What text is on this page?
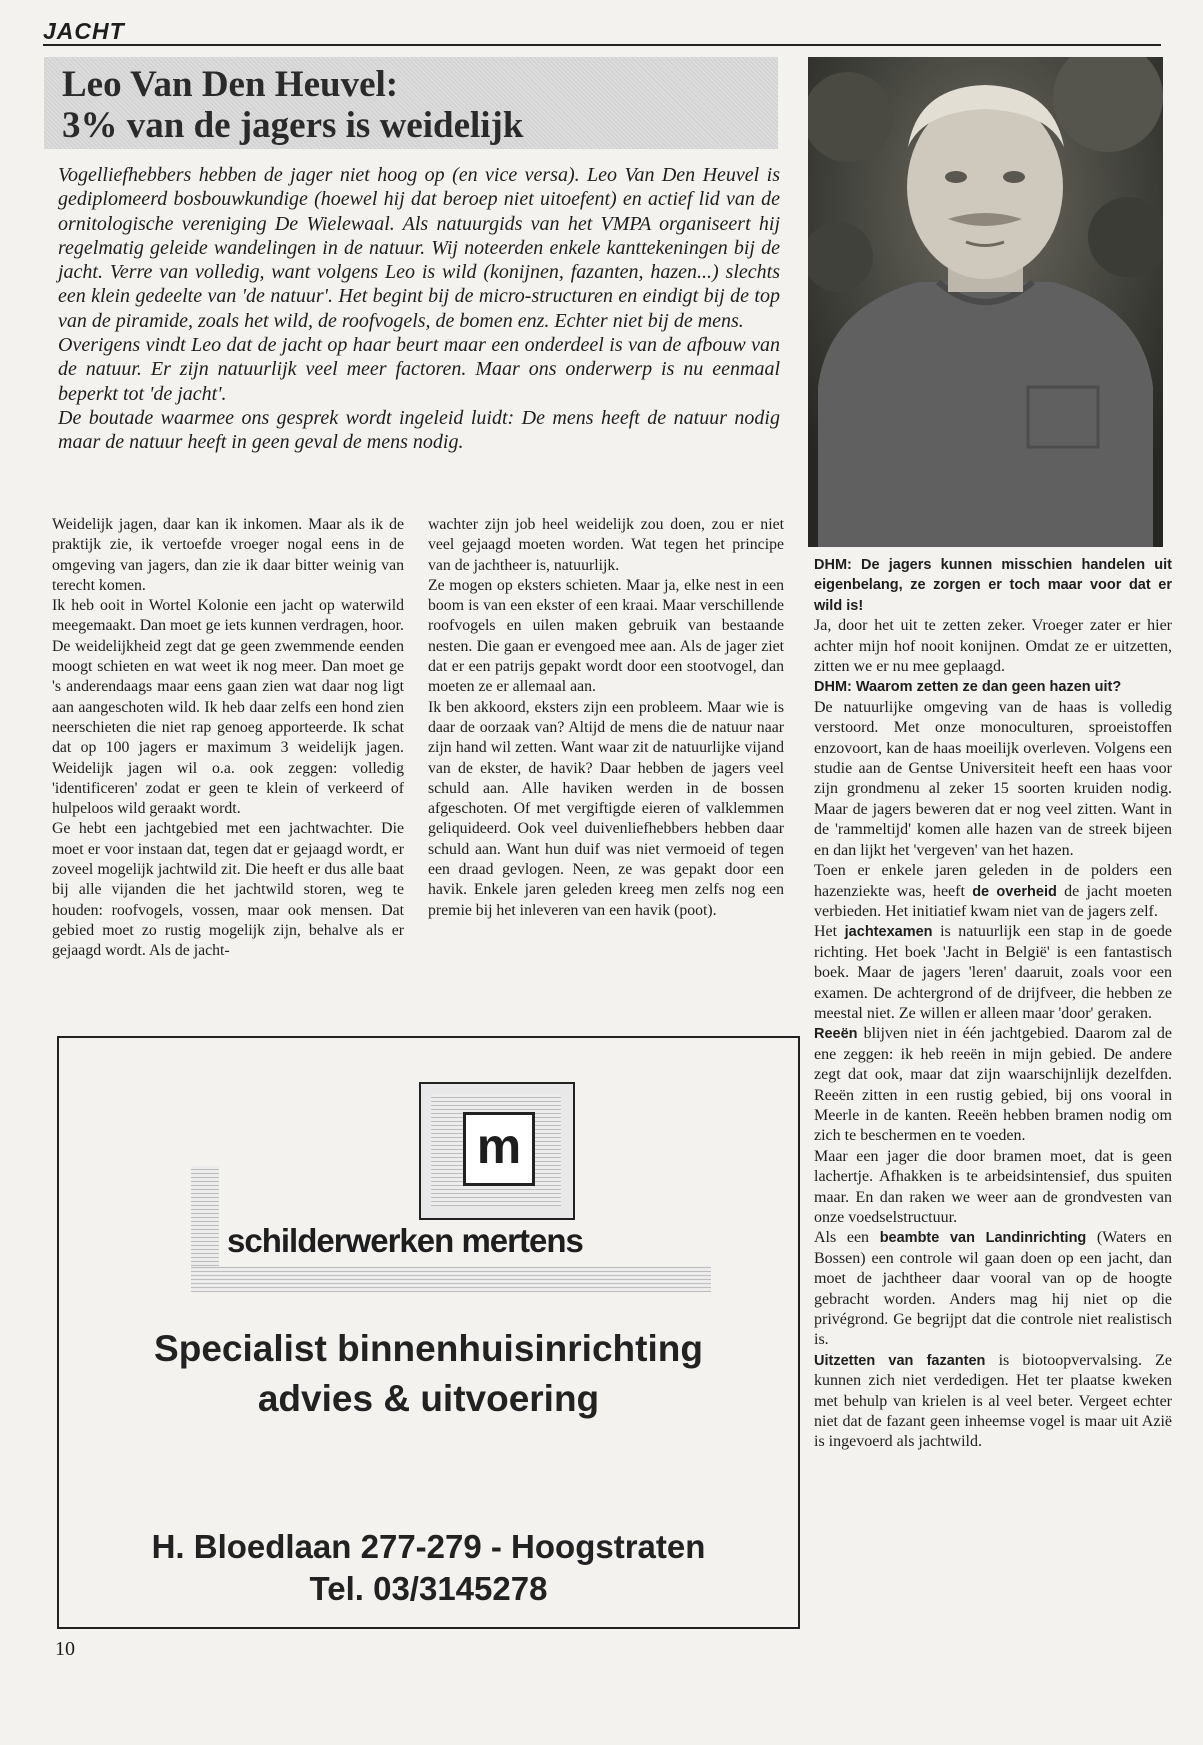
JACHT
Leo Van Den Heuvel:
3% van de jagers is weidelijk

Vogelliefhebbers hebben de jager niet hoog op (en vice versa). Leo Van Den Heuvel is gediplomeerd bosbouwkundige (hoewel hij dat beroep niet uitoefent) en actief lid van de ornitologische vereniging De Wielewaal. Als natuurgids van het VMPA organiseert hij regelmatig geleide wandelingen in de natuur. Wij noteerden enkele kanttekeningen bij de jacht. Verre van volledig, want volgens Leo is wild (konijnen, fazanten, hazen...) slechts een klein gedeelte van 'de natuur'. Het begint bij de micro-structuren en eindigt bij de top van de piramide, zoals het wild, de roofvogels, de bomen enz. Echter niet bij de mens.

Overigens vindt Leo dat de jacht op haar beurt maar een onderdeel is van de afbouw van de natuur. Er zijn natuurlijk veel meer factoren. Maar ons onderwerp is nu eenmaal beperkt tot 'de jacht'.

De boutade waarmee ons gesprek wordt ingeleid luidt: De mens heeft de natuur nodig maar de natuur heeft in geen geval de mens nodig.

Weidelijk jagen, daar kan ik inkomen. Maar als ik de praktijk zie, ik vertoefde vroeger nogal eens in de omgeving van jagers, dan zie ik daar bitter weinig van terecht komen.

Ik heb ooit in Wortel Kolonie een jacht op waterwild meegemaakt. Dan moet ge iets kunnen verdragen, hoor. De weidelijkheid zegt dat ge geen zwemmende eenden moogt schieten en wat weet ik nog meer. Dan moet ge 's anderendaags maar eens gaan zien wat daar nog ligt aan aangeschoten wild. Ik heb daar zelfs een hond zien neerschieten die niet rap genoeg apporteerde. Ik schat dat op 100 jagers er maximum 3 weidelijk jagen. Weidelijk jagen wil o.a. ook zeggen: volledig 'identificeren' zodat er geen te klein of verkeerd of hulpeloos wild geraakt wordt.

Ge hebt een jachtgebied met een jachtwachter. Die moet er voor instaan dat, tegen dat er gejaagd wordt, er zoveel mogelijk jachtwild zit. Die heeft er dus alle baat bij alle vijanden die het jachtwild storen, weg te houden: roofvogels, vossen, maar ook mensen. Dat gebied moet zo rustig mogelijk zijn, behalve als er gejaagd wordt. Als de jacht-

wachter zijn job heel weidelijk zou doen, zou er niet veel gejaagd moeten worden. Wat tegen het principe van de jachtheer is, natuurlijk.

Ze mogen op eksters schieten. Maar ja, elke nest in een boom is van een ekster of een kraai. Maar verschillende roofvogels en uilen maken gebruik van bestaande nesten. Die gaan er evengoed mee aan. Als de jager ziet dat er een patrijs gepakt wordt door een stootvogel, dan moeten ze er allemaal aan.

Ik ben akkoord, eksters zijn een probleem. Maar wie is daar de oorzaak van? Altijd de mens die de natuur naar zijn hand wil zetten. Want waar zit de natuurlijke vijand van de ekster, de havik? Daar hebben de jagers veel schuld aan. Alle haviken werden in de bossen afgeschoten. Of met vergiftigde eieren of valklemmen geliquideerd. Ook veel duivenliefhebbers hebben daar schuld aan. Want hun duif was niet vermoeid of tegen een draad gevlogen. Neen, ze was gepakt door een havik. Enkele jaren geleden kreeg men zelfs nog een premie bij het inleveren van een havik (poot).

DHM: De jagers kunnen misschien handelen uit eigenbelang, ze zorgen er toch maar voor dat er wild is!

Ja, door het uit te zetten zeker. Vroeger zater er hier achter mijn hof nooit konijnen. Omdat ze er uitzetten, zitten we er nu mee geplaagd.

DHM: Waarom zetten ze dan geen hazen uit?

De natuurlijke omgeving van de haas is volledig verstoord. Met onze monoculturen, sproeistoffen enzovoort, kan de haas moeilijk overleven. Volgens een studie aan de Gentse Universiteit heeft een haas voor zijn grondmenu al zeker 15 soorten kruiden nodig. Maar de jagers beweren dat er nog veel zitten. Want in de 'rammeltijd' komen alle hazen van de streek bijeen en dan lijkt het 'vergeven' van het hazen.

Toen er enkele jaren geleden in de polders een hazenziekte was, heeft de overheid de jacht moeten verbieden. Het initiatief kwam niet van de jagers zelf.

Het jachtexamen is natuurlijk een stap in de goede richting. Het boek 'Jacht in België' is een fantastisch boek. Maar de jagers 'leren' daaruit, zoals voor een examen. De achtergrond of de drijfveer, die hebben ze meestal niet. Ze willen er alleen maar 'door' geraken.

Reeën blijven niet in één jachtgebied. Daarom zal de ene zeggen: ik heb reeën in mijn gebied. De andere zegt dat ook, maar dat zijn waarschijnlijk dezelfden. Reeën zitten in een rustig gebied, bij ons vooral in Meerle in de kanten. Reeën hebben bramen nodig om zich te beschermen en te voeden.

Maar een jager die door bramen moet, dat is geen lachertje. Afhakken is te arbeidsintensief, dus spuiten maar. En dan raken we weer aan de grondvesten van onze voedselstructuur.

Als een beambte van Landinrichting (Waters en Bossen) een controle wil gaan doen op een jacht, dan moet de jachtheer daar vooral van op de hoogte gebracht worden. Anders mag hij niet op die privégrond. Ge begrijpt dat die controle niet realistisch is.

Uitzetten van fazanten is biotoopvervalsing. Ze kunnen zich niet verdedigen. Het ter plaatse kweken met behulp van krielen is al veel beter. Vergeet echter niet dat de fazant geen inheemse vogel is maar uit Azië is ingevoerd als jachtwild.

m
schilderwerken mertens
Specialist binnenhuisinrichting
advies & uitvoering
H. Bloedlaan 277-279 - Hoogstraten
Tel. 03/3145278
10
